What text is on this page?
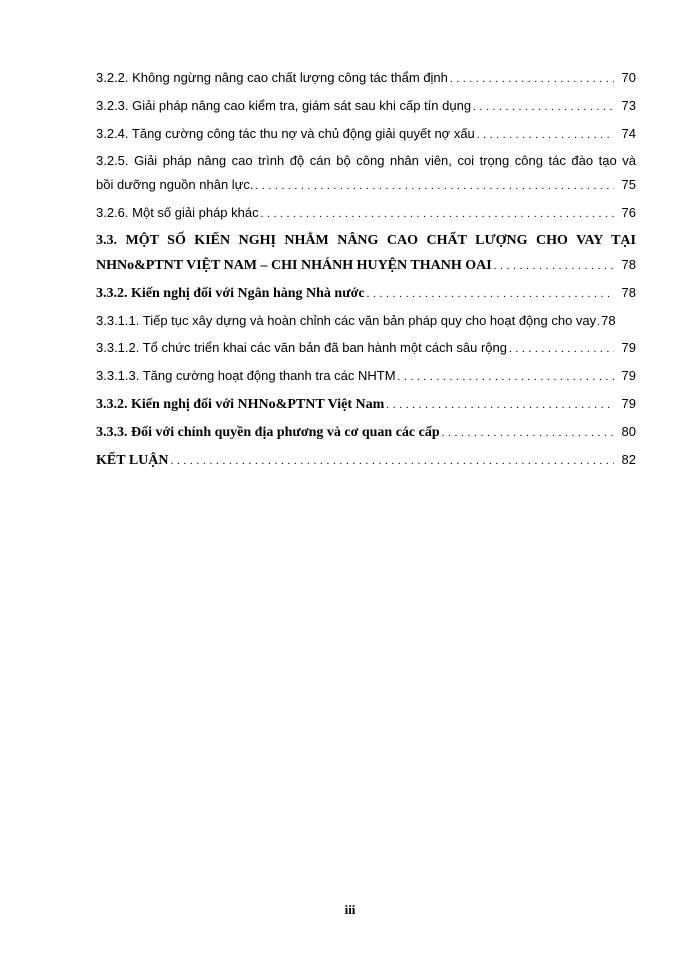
3.2.2. Không ngừng nâng cao chất lượng công tác thẩm định . . .	70
3.2.3. Giải pháp nâng cao kiểm tra, giám sát sau khi cấp tín dụng . . .	73
3.2.4. Tăng cường công tác thu nợ và chủ động giải quyết nợ xấu . . .	74
3.2.5. Giải pháp nâng cao trình độ cán bộ công nhân viên, coi trọng công tác đào tạo và
bồi dưỡng nguồn nhân lực. . . .	75
3.2.6. Một số giải pháp khác . . .	76
3.3. MỘT SỐ KIẾN NGHỊ NHẰM NÂNG CAO CHẤT LƯỢNG CHO VAY TẠI
NHNo&PTNT VIỆT NAM – CHI NHÁNH HUYỆN THANH OAI . . .	78
3.3.2. Kiến nghị đối với Ngân hàng Nhà nước . . .	78
3.3.1.1. Tiếp tục xây dựng và hoàn chỉnh các văn bản pháp quy cho hoạt động cho vay . . . 78
3.3.1.2. Tổ chức triển khai các văn bản đã ban hành một cách sâu rộng . . .	79
3.3.1.3. Tăng cường hoạt động thanh tra các NHTM . . .	79
3.3.2. Kiến nghị đối với NHNo&PTNT Việt Nam . . .	79
3.3.3. Đối với chính quyền địa phương và cơ quan các cấp . . .	80
KẾT LUẬN . . .	82
iii
